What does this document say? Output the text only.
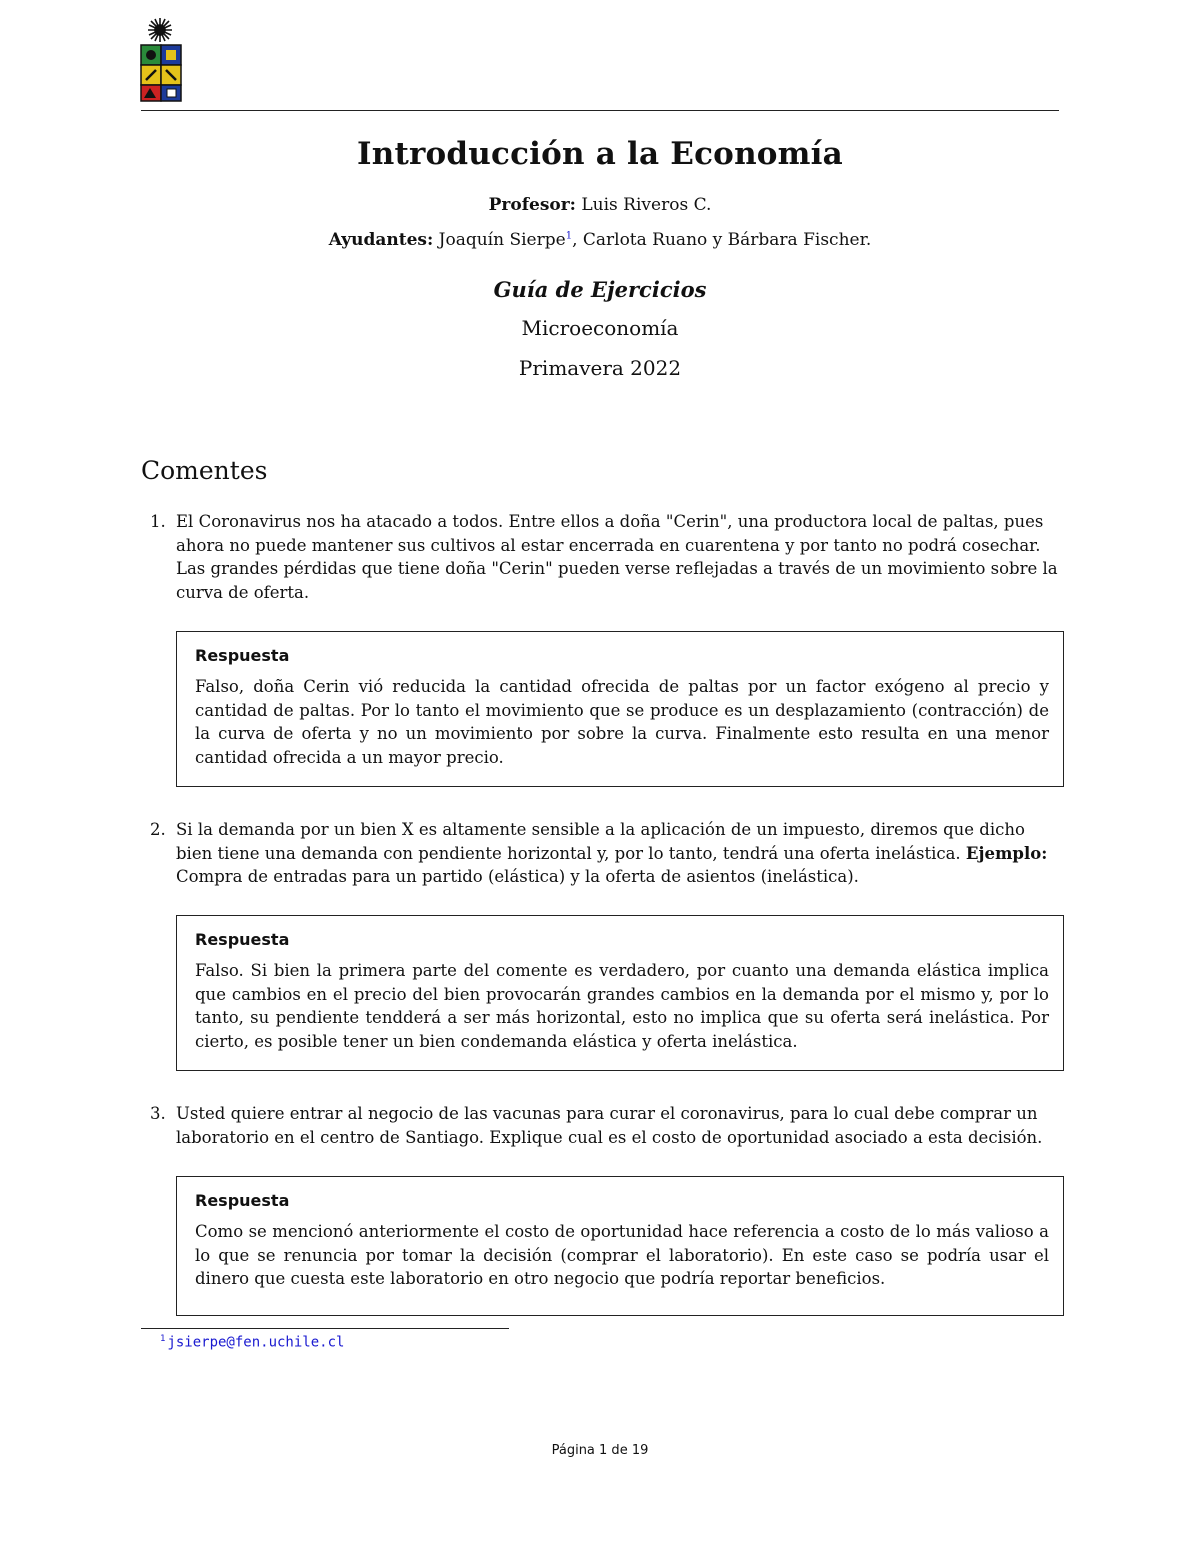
Introducción a la Economía
Profesor: Luis Riveros C.
Ayudantes: Joaquín Sierpe$^1$, Carlota Ruano y Bárbara Fischer.
Guía de Ejercicios
Microeconomía
Primavera 2022
Comentes
1. El Coronavirus nos ha atacado a todos. Entre ellos a doña "Cerin", una productora local de paltas, pues ahora no puede mantener sus cultivos al estar encerrada en cuarentena y por tanto no podrá cosechar. Las grandes pérdidas que tiene doña "Cerin" pueden verse reflejadas a través de un movimiento sobre la curva de oferta.
Respuesta
Falso, doña Cerin vió reducida la cantidad ofrecida de paltas por un factor exógeno al precio y cantidad de paltas. Por lo tanto el movimiento que se produce es un desplazamiento (contracción) de la curva de oferta y no un movimiento por sobre la curva. Finalmente esto resulta en una menor cantidad ofrecida a un mayor precio.
2. Si la demanda por un bien X es altamente sensible a la aplicación de un impuesto, diremos que dicho bien tiene una demanda con pendiente horizontal y, por lo tanto, tendrá una oferta inelástica. Ejemplo: Compra de entradas para un partido (elástica) y la oferta de asientos (inelástica).
Respuesta
Falso. Si bien la primera parte del comente es verdadero, por cuanto una demanda elástica implica que cambios en el precio del bien provocarán grandes cambios en la demanda por el mismo y, por lo tanto, su pendiente tendderá a ser más horizontal, esto no implica que su oferta será inelástica. Por cierto, es posible tener un bien condemanda elástica y oferta inelástica.
3. Usted quiere entrar al negocio de las vacunas para curar el coronavirus, para lo cual debe comprar un laboratorio en el centro de Santiago. Explique cual es el costo de oportunidad asociado a esta decisión.
Respuesta
Como se mencionó anteriormente el costo de oportunidad hace referencia a costo de lo más valioso a lo que se renuncia por tomar la decisión (comprar el laboratorio). En este caso se podría usar el dinero que cuesta este laboratorio en otro negocio que podría reportar beneficios.
$^1$ jsierpe@fen.uchile.cl
Página 1 de 19
